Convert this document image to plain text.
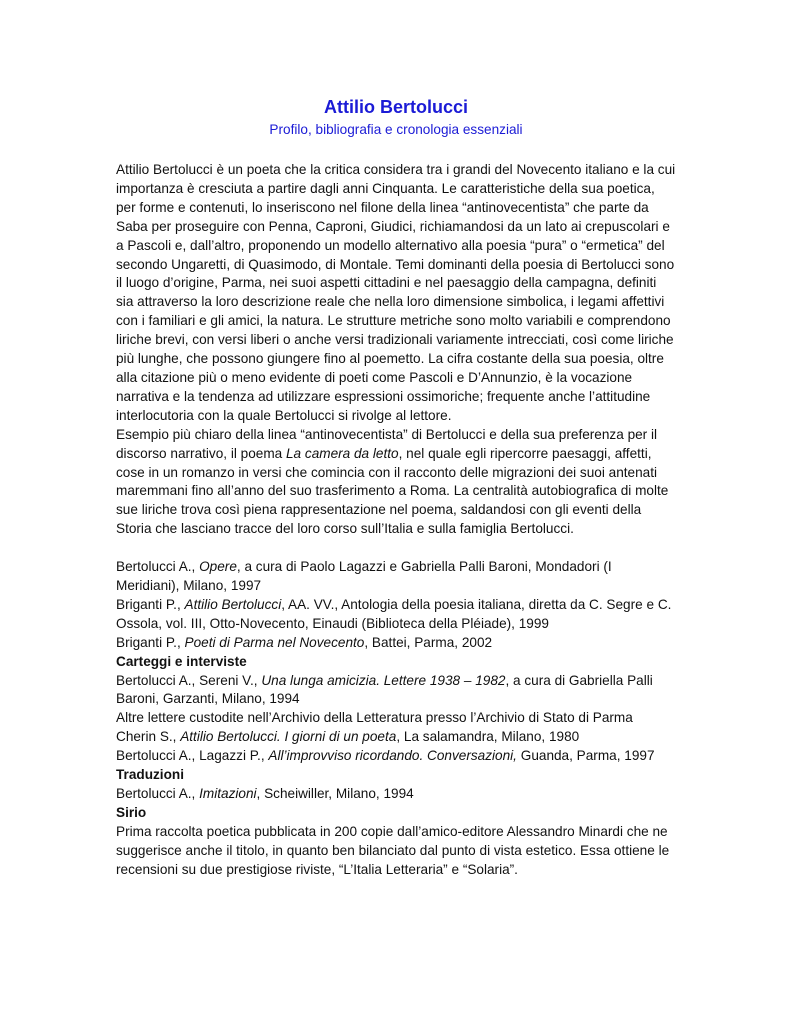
Attilio Bertolucci
Profilo, bibliografia e cronologia essenziali

Attilio Bertolucci è un poeta che la critica considera tra i grandi del Novecento italiano e la cui importanza è cresciuta a partire dagli anni Cinquanta. Le caratteristiche della sua poetica, per forme e contenuti, lo inseriscono nel filone della linea “antinovecentista” che parte da Saba per proseguire con Penna, Caproni, Giudici, richiamandosi da un lato ai crepuscolari e a Pascoli e, dall’altro, proponendo un modello alternativo alla poesia “pura” o “ermetica” del secondo Ungaretti, di Quasimodo, di Montale. Temi dominanti della poesia di Bertolucci sono il luogo d’origine, Parma, nei suoi aspetti cittadini e nel paesaggio della campagna, definiti sia attraverso la loro descrizione reale che nella loro dimensione simbolica, i legami affettivi con i familiari e gli amici, la natura. Le strutture metriche sono molto variabili e comprendono liriche brevi, con versi liberi o anche versi tradizionali variamente intrecciati, così come liriche più lunghe, che possono giungere fino al poemetto. La cifra costante della sua poesia, oltre alla citazione più o meno evidente di poeti come Pascoli e D’Annunzio, è la vocazione narrativa e la tendenza ad utilizzare espressioni ossimoriche; frequente anche l’attitudine interlocutoria con la quale Bertolucci si rivolge al lettore.

Esempio più chiaro della linea “antinovecentista” di Bertolucci e della sua preferenza per il discorso narrativo, il poema La camera da letto, nel quale egli ripercorre paesaggi, affetti, cose in un romanzo in versi che comincia con il racconto delle migrazioni dei suoi antenati maremmani fino all’anno del suo trasferimento a Roma. La centralità autobiografica di molte sue liriche trova così piena rappresentazione nel poema, saldandosi con gli eventi della Storia che lasciano tracce del loro corso sull’Italia e sulla famiglia Bertolucci.

Bertolucci A., Opere, a cura di Paolo Lagazzi e Gabriella Palli Baroni, Mondadori (I Meridiani), Milano, 1997

Briganti P., Attilio Bertolucci, AA. VV., Antologia della poesia italiana, diretta da C. Segre e C. Ossola, vol. III, Otto-Novecento, Einaudi (Biblioteca della Pléiade), 1999

Briganti P., Poeti di Parma nel Novecento, Battei, Parma, 2002

Carteggi e interviste

Bertolucci A., Sereni V., Una lunga amicizia. Lettere 1938 – 1982, a cura di Gabriella Palli Baroni, Garzanti, Milano, 1994

Altre lettere custodite nell’Archivio della Letteratura presso l’Archivio di Stato di Parma

Cherin S., Attilio Bertolucci. I giorni di un poeta, La salamandra, Milano, 1980

Bertolucci A., Lagazzi P., All’improvviso ricordando. Conversazioni, Guanda, Parma, 1997

Traduzioni

Bertolucci A., Imitazioni, Scheiwiller, Milano, 1994

Sirio

Prima raccolta poetica pubblicata in 200 copie dall’amico-editore Alessandro Minardi che ne suggerisce anche il titolo, in quanto ben bilanciato dal punto di vista estetico. Essa ottiene le recensioni su due prestigiose riviste, “L’Italia Letteraria” e “Solaria”.
